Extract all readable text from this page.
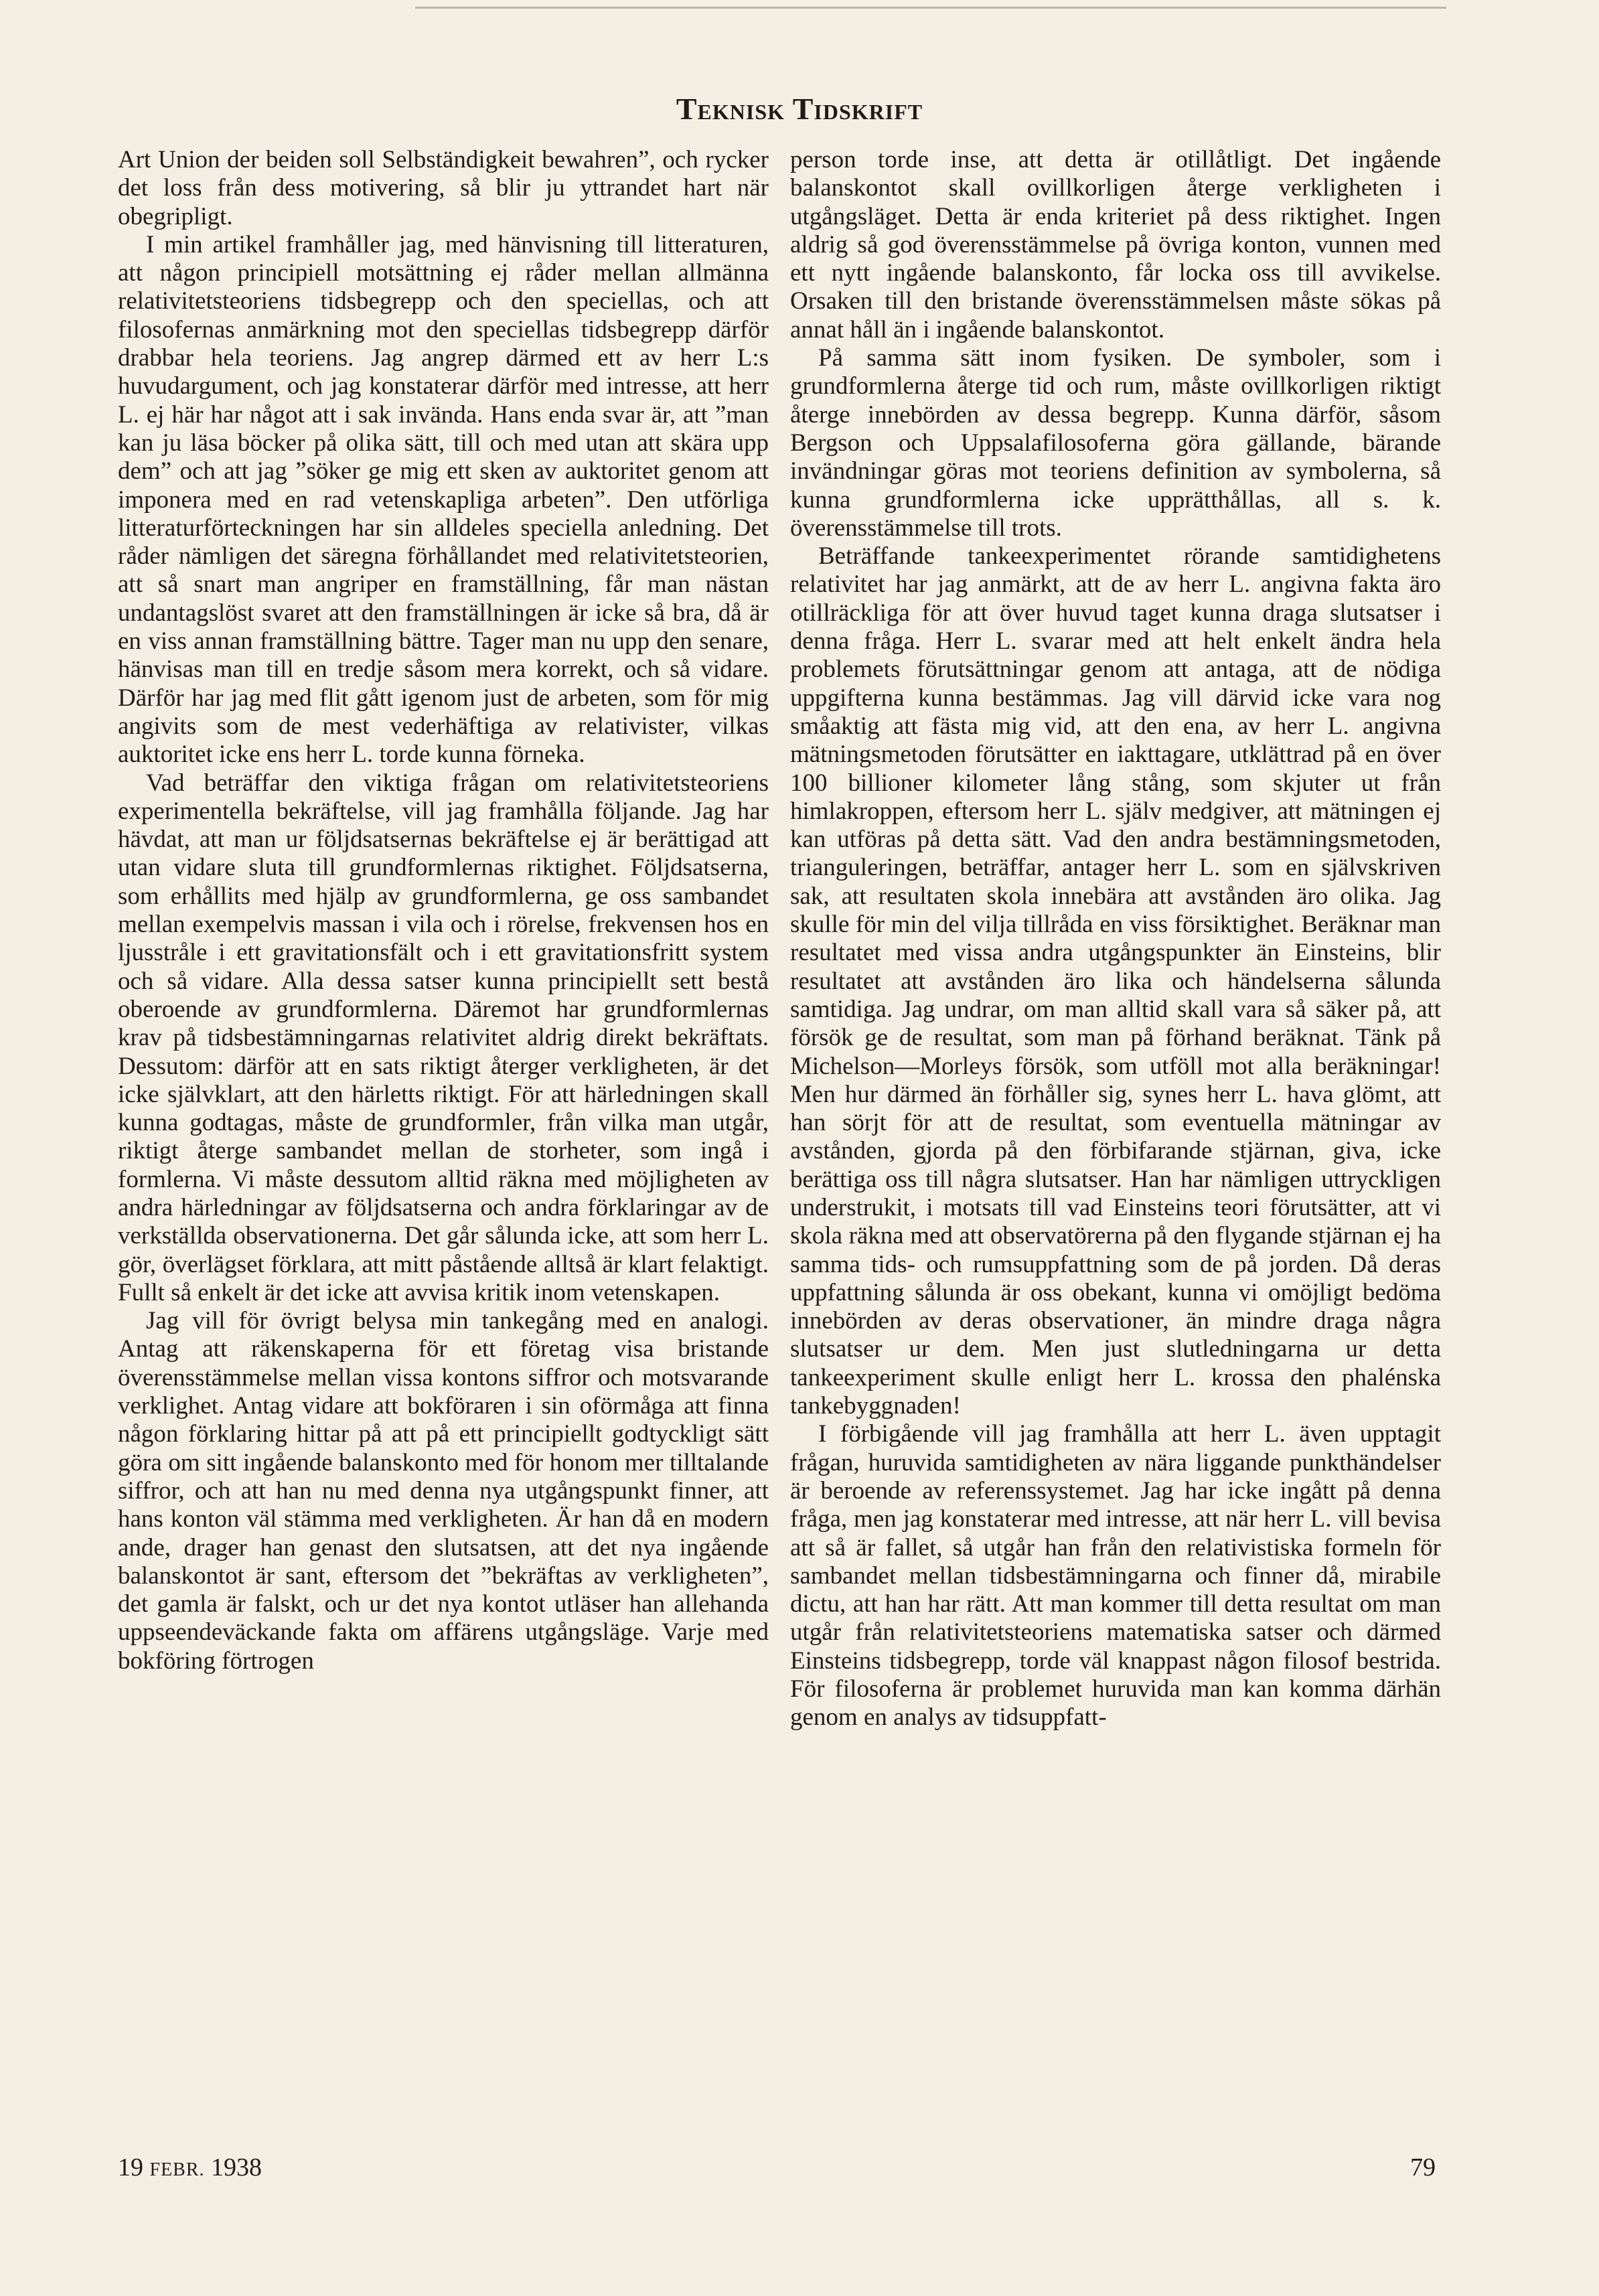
Teknisk Tidskrift

Art Union der beiden soll Selbständigkeit bewahren”, och rycker det loss från dess motivering, så blir ju yttrandet hart när obegripligt.

I min artikel framhåller jag, med hänvisning till litteraturen, att någon principiell motsättning ej råder mellan allmänna relativitetsteoriens tidsbegrepp och den speciellas, och att filosofernas anmärkning mot den speciellas tidsbegrepp därför drabbar hela teoriens. Jag angrep därmed ett av herr L:s huvudargument, och jag konstaterar därför med intresse, att herr L. ej här har något att i sak invända. Hans enda svar är, att ”man kan ju läsa böcker på olika sätt, till och med utan att skära upp dem” och att jag ”söker ge mig ett sken av auktoritet genom att imponera med en rad vetenskapliga arbeten”. Den utförliga litteraturförteckningen har sin alldeles speciella anledning. Det råder nämligen det säregna förhållandet med relativitetsteorien, att så snart man angriper en framställning, får man nästan undantagslöst svaret att den framställningen är icke så bra, då är en viss annan framställning bättre. Tager man nu upp den senare, hänvisas man till en tredje såsom mera korrekt, och så vidare. Därför har jag med flit gått igenom just de arbeten, som för mig angivits som de mest vederhäftiga av relativister, vilkas auktoritet icke ens herr L. torde kunna förneka.

Vad beträffar den viktiga frågan om relativitetsteoriens experimentella bekräftelse, vill jag framhålla följande. Jag har hävdat, att man ur följdsatsernas bekräftelse ej är berättigad att utan vidare sluta till grundformlernas riktighet. Följdsatserna, som erhållits med hjälp av grundformlerna, ge oss sambandet mellan exempelvis massan i vila och i rörelse, frekvensen hos en ljusstråle i ett gravitationsfält och i ett gravitationsfritt system och så vidare. Alla dessa satser kunna principiellt sett bestå oberoende av grundformlerna. Däremot har grundformlernas krav på tidsbestämningarnas relativitet aldrig direkt bekräftats. Dessutom: därför att en sats riktigt återger verkligheten, är det icke självklart, att den härletts riktigt. För att härledningen skall kunna godtagas, måste de grundformler, från vilka man utgår, riktigt återge sambandet mellan de storheter, som ingå i formlerna. Vi måste dessutom alltid räkna med möjligheten av andra härledningar av följdsatserna och andra förklaringar av de verkställda observationerna. Det går sålunda icke, att som herr L. gör, överlägset förklara, att mitt påstående alltså är klart felaktigt. Fullt så enkelt är det icke att avvisa kritik inom vetenskapen.

Jag vill för övrigt belysa min tankegång med en analogi. Antag att räkenskaperna för ett företag visa bristande överensstämmelse mellan vissa kontons siffror och motsvarande verklighet. Antag vidare att bokföraren i sin oförmåga att finna någon förklaring hittar på att på ett principiellt godtyckligt sätt göra om sitt ingående balanskonto med för honom mer tilltalande siffror, och att han nu med denna nya utgångspunkt finner, att hans konton väl stämma med verkligheten. Är han då en modern ande, drager han genast den slutsatsen, att det nya ingående balanskontot är sant, eftersom det ”bekräftas av verkligheten”, det gamla är falskt, och ur det nya kontot utläser han allehanda uppseendeväckande fakta om affärens utgångsläge. Varje med bokföring förtrogen

person torde inse, att detta är otillåtligt. Det ingående balanskontot skall ovillkorligen återge verkligheten i utgångsläget. Detta är enda kriteriet på dess riktighet. Ingen aldrig så god överensstämmelse på övriga konton, vunnen med ett nytt ingående balanskonto, får locka oss till avvikelse. Orsaken till den bristande överensstämmelsen måste sökas på annat håll än i ingående balanskontot.

På samma sätt inom fysiken. De symboler, som i grundformlerna återge tid och rum, måste ovillkorligen riktigt återge innebörden av dessa begrepp. Kunna därför, såsom Bergson och Uppsalafilosoferna göra gällande, bärande invändningar göras mot teoriens definition av symbolerna, så kunna grundformlerna icke upprätthållas, all s. k. överensstämmelse till trots.

Beträffande tankeexperimentet rörande samtidighetens relativitet har jag anmärkt, att de av herr L. angivna fakta äro otillräckliga för att över huvud taget kunna draga slutsatser i denna fråga. Herr L. svarar med att helt enkelt ändra hela problemets förutsättningar genom att antaga, att de nödiga uppgifterna kunna bestämmas. Jag vill därvid icke vara nog småaktig att fästa mig vid, att den ena, av herr L. angivna mätningsmetoden förutsätter en iakttagare, utklättrad på en över 100 billioner kilometer lång stång, som skjuter ut från himlakroppen, eftersom herr L. själv medgiver, att mätningen ej kan utföras på detta sätt. Vad den andra bestämningsmetoden, trianguleringen, beträffar, antager herr L. som en självskriven sak, att resultaten skola innebära att avstånden äro olika. Jag skulle för min del vilja tillråda en viss försiktighet. Beräknar man resultatet med vissa andra utgångspunkter än Einsteins, blir resultatet att avstånden äro lika och händelserna sålunda samtidiga. Jag undrar, om man alltid skall vara så säker på, att försök ge de resultat, som man på förhand beräknat. Tänk på Michelson—Morleys försök, som utföll mot alla beräkningar! Men hur därmed än förhåller sig, synes herr L. hava glömt, att han sörjt för att de resultat, som eventuella mätningar av avstånden, gjorda på den förbifarande stjärnan, giva, icke berättiga oss till några slutsatser. Han har nämligen uttryckligen understrukit, i motsats till vad Einsteins teori förutsätter, att vi skola räkna med att observatörerna på den flygande stjärnan ej ha samma tids- och rumsuppfattning som de på jorden. Då deras uppfattning sålunda är oss obekant, kunna vi omöjligt bedöma innebörden av deras observationer, än mindre draga några slutsatser ur dem. Men just slutledningarna ur detta tankeexperiment skulle enligt herr L. krossa den phalénska tankebyggnaden!

I förbigående vill jag framhålla att herr L. även upptagit frågan, huruvida samtidigheten av nära liggande punkthändelser är beroende av referenssystemet. Jag har icke ingått på denna fråga, men jag konstaterar med intresse, att när herr L. vill bevisa att så är fallet, så utgår han från den relativistiska formeln för sambandet mellan tidsbestämningarna och finner då, mirabile dictu, att han har rätt. Att man kommer till detta resultat om man utgår från relativitetsteoriens matematiska satser och därmed Einsteins tidsbegrepp, torde väl knappast någon filosof bestrida. För filosoferna är problemet huruvida man kan komma därhän genom en analys av tidsuppfatt-

19 FEBR. 1938	79
